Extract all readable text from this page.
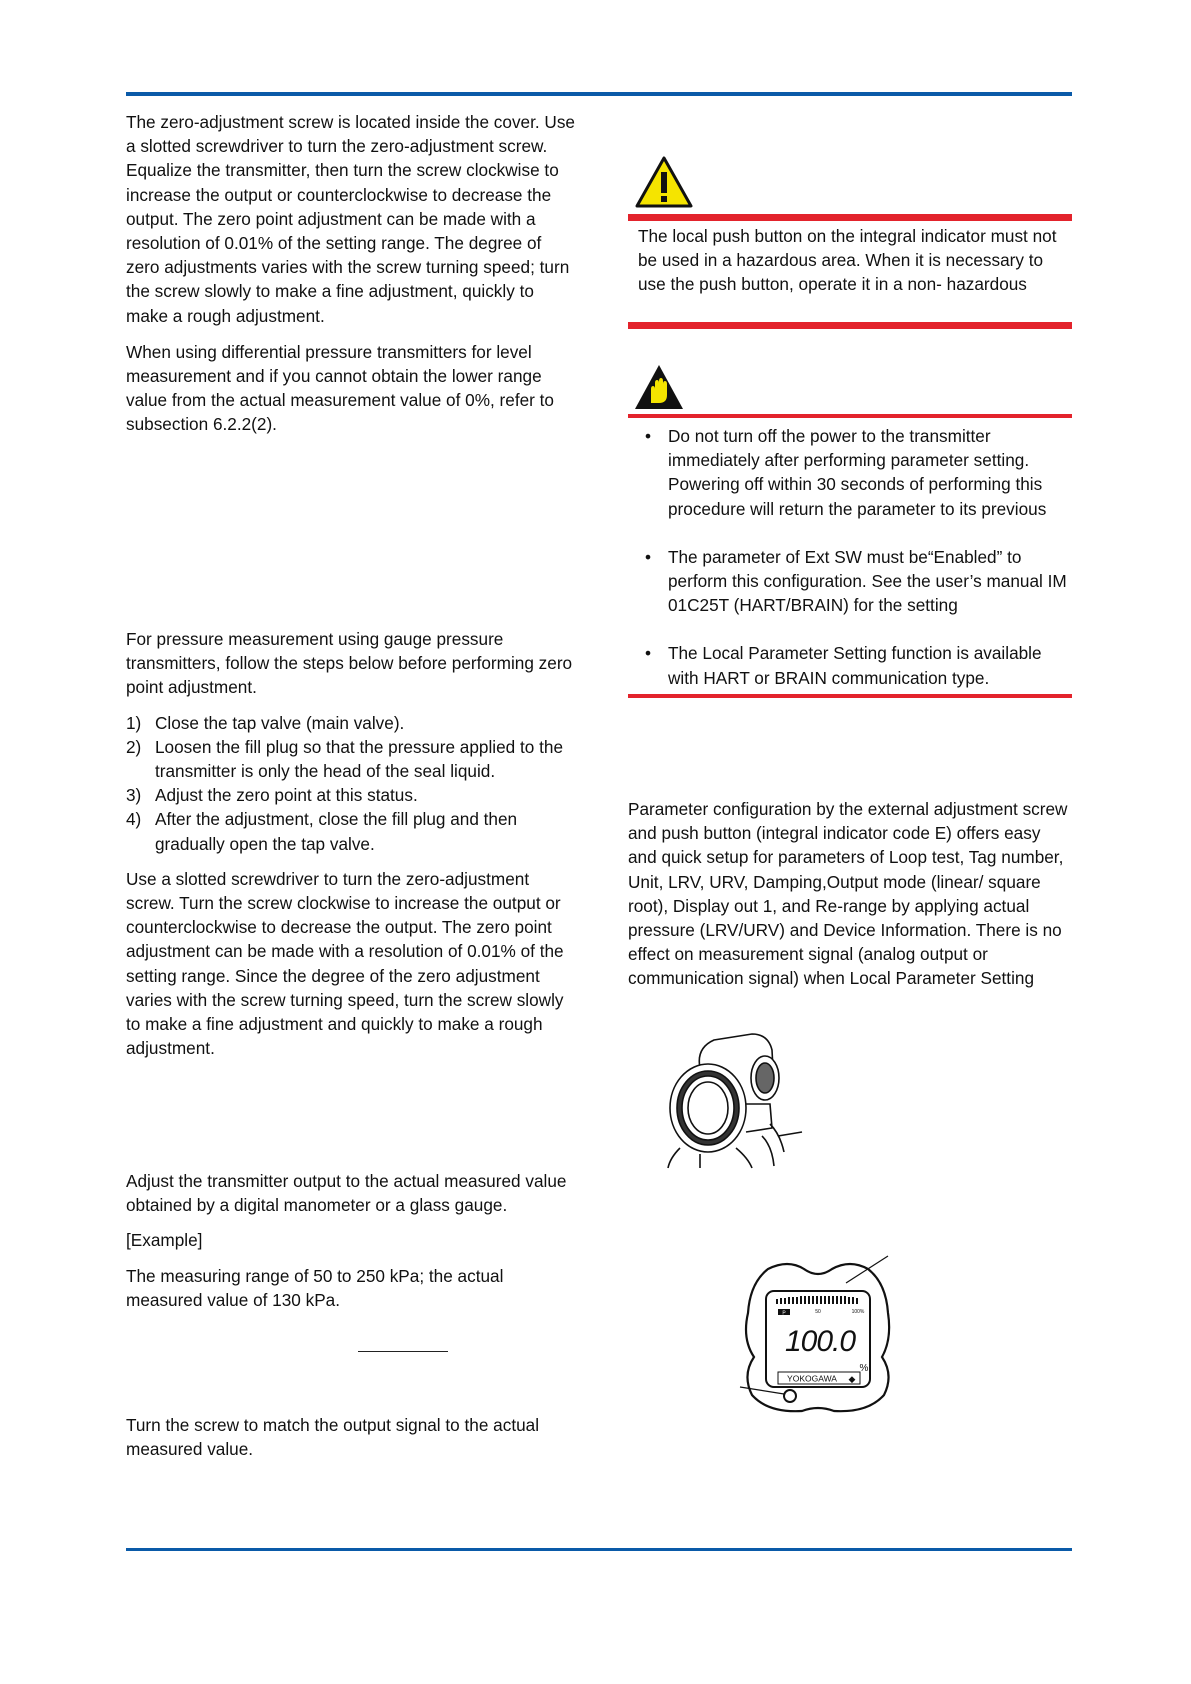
The zero-adjustment screw is located inside the cover. Use a slotted screwdriver to turn the zero-adjustment screw. Equalize the transmitter, then turn the screw clockwise to increase the output or counterclockwise to decrease the output. The zero point adjustment can be made with a resolution of 0.01% of the setting range. The degree of zero adjustments varies with the screw turning speed; turn the screw slowly to make a fine adjustment, quickly to make a rough adjustment.

When using differential pressure transmitters for level measurement and if you cannot obtain the lower range value from the actual measurement value of 0%, refer to subsection 6.2.2(2).

For pressure measurement using gauge pressure transmitters, follow the steps below before performing zero point adjustment.

1) Close the tap valve (main valve).
2) Loosen the fill plug so that the pressure applied to the transmitter is only the head of the seal liquid.
3) Adjust the zero point at this status.
4) After the adjustment, close the fill plug and then gradually open the tap valve.

Use a slotted screwdriver to turn the zero-adjustment screw. Turn the screw clockwise to increase the output or counterclockwise to decrease the output. The zero point adjustment can be made with a resolution of 0.01% of the setting range. Since the degree of the zero adjustment varies with the screw turning speed, turn the screw slowly to make a fine adjustment and quickly to make a rough adjustment.

Adjust the transmitter output to the actual measured value obtained by a digital manometer or a glass gauge.

[Example]

The measuring range of 50 to 250 kPa; the actual measured value of 130 kPa.

Turn the screw to match the output signal to the actual measured value.

The local push button on the integral indicator must not be used in a hazardous area. When it is necessary to use the push button, operate it in a non- hazardous
• Do not turn off the power to the transmitter immediately after performing parameter setting. Powering off within 30 seconds of performing this procedure will return the parameter to its previous
• The parameter of Ext SW must be“Enabled” to perform this configuration. See the user’s manual IM 01C25T (HART/BRAIN) for the setting
• The Local Parameter Setting function is available with HART or BRAIN communication type.
Parameter configuration by the external adjustment screw and push button (integral indicator code E) offers easy and quick setup for parameters of Loop test, Tag number, Unit, LRV, URV, Damping,Output mode (linear/ square root), Display out 1, and Re-range by applying actual pressure (LRV/URV) and Device Information. There is no effect on measurement signal (analog output or communication signal) when Local Parameter Setting
P	50	100%
100.0
%
YOKOGAWA ◆
